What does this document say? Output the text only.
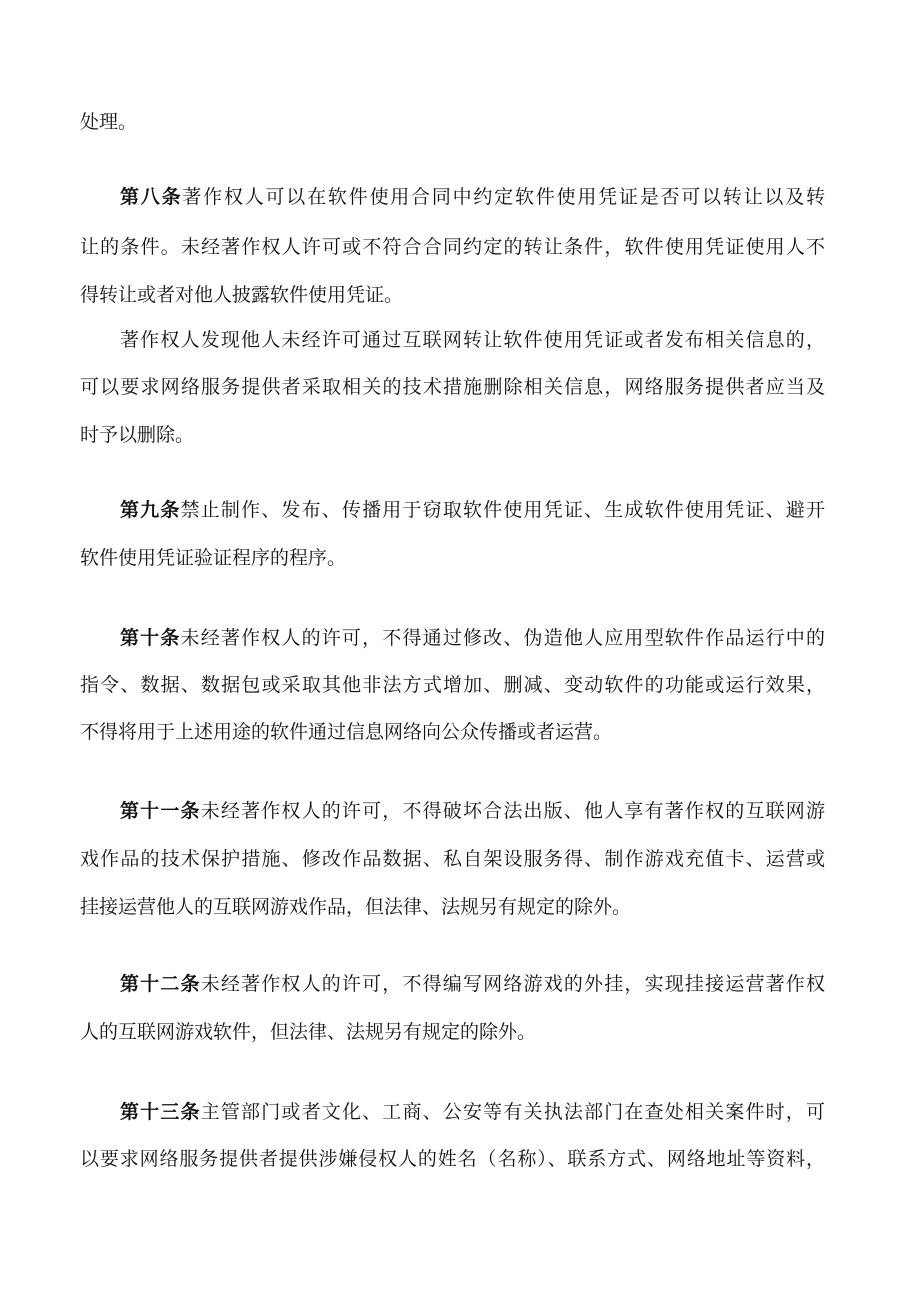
处理。
第八条著作权人可以在软件使用合同中约定软件使用凭证是否可以转让以及转
让的条件。未经著作权人许可或不符合合同约定的转让条件，软件使用凭证使用人不
得转让或者对他人披露软件使用凭证。
著作权人发现他人未经许可通过互联网转让软件使用凭证或者发布相关信息的，
可以要求网络服务提供者采取相关的技术措施删除相关信息，网络服务提供者应当及
时予以删除。
第九条禁止制作、发布、传播用于窃取软件使用凭证、生成软件使用凭证、避开
软件使用凭证验证程序的程序。
第十条未经著作权人的许可，不得通过修改、伪造他人应用型软件作品运行中的
指令、数据、数据包或采取其他非法方式增加、删减、变动软件的功能或运行效果，
不得将用于上述用途的软件通过信息网络向公众传播或者运营。
第十一条未经著作权人的许可，不得破坏合法出版、他人享有著作权的互联网游
戏作品的技术保护措施、修改作品数据、私自架设服务得、制作游戏充值卡、运营或
挂接运营他人的互联网游戏作品，但法律、法规另有规定的除外。
第十二条未经著作权人的许可，不得编写网络游戏的外挂，实现挂接运营著作权
人的互联网游戏软件，但法律、法规另有规定的除外。
第十三条主管部门或者文化、工商、公安等有关执法部门在查处相关案件时，可
以要求网络服务提供者提供涉嫌侵权人的姓名（名称）、联系方式、网络地址等资料，
